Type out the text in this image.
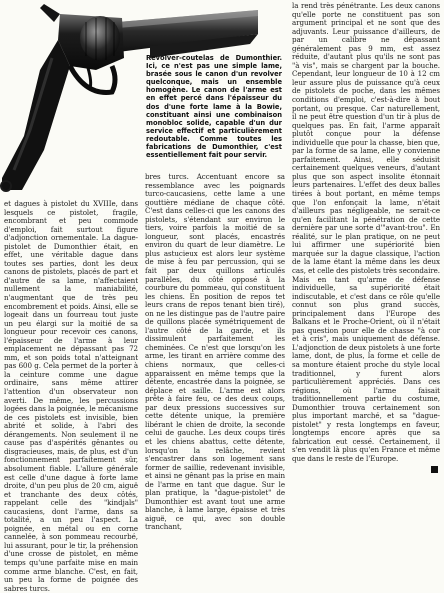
Revolver-coutelas de Dumonthier. Ici, ce n'est pas une simple lame, brasée sous le canon d'un revolver quelconque, mais un ensemble homogène. Le canon de l'arme est en effet percé dans l'épaisseur du dos d'une forte lame à la Bowie, constituant ainsi une combinaison monobloc solide, capable d'un dur service effectif et particulièrement redoutable. Comme toutes les fabrications de Dumonthier, c'est essentiellement fait pour servir.

et dagues à pistolet du XVIIIe, dans lesquels ce pistolet, fragile, encombrant et peu commode d'emploi, fait surtout figure d'adjonction ornementale. La dague-pistolet de Dumonthier était, en effet, une véritable dague dans toutes ses parties, dont les deux canons de pistolets, placés de part et d'autre de sa lame, n'affectaient nullement la maniabilité, n'augmentant que de très peu encombrement et poids. Ainsi, elle se logeait dans un fourreau tout juste un peu élargi sur la moitié de sa longueur pour recevoir ces canons, l'épaisseur de l'arme à leur emplacement ne dépassant pas 72 mm, et son poids total n'atteignant pas 600 g. Cela permet de la porter à la ceinture comme une dague ordinaire, sans même attirer l'attention d'un observateur non averti. De même, les percussions logées dans la poignée, le mécanisme de ces pistolets est invisible, bien abrité et solide, à l'abri des dérangements. Non seulement il ne cause pas d'aspérités gênantes ou disgracieuses, mais, de plus, est d'un fonctionnement parfaitement sûr, absolument fiable. L'allure générale est celle d'une dague à forte lame droite, d'un peu plus de 20 cm, aiguë et tranchante des deux côtés, rappelant celle des "kindjals" caucasiens, dont l'arme, dans sa totalité, a un peu l'aspect. La poignée, en métal ou en corne cannelée, à son pommeau recourbé, lui assurant, pour le tir, la préhension d'une crosse de pistolet, en même temps qu'une parfaite mise en main comme arme blanche. C'est, en fait, un peu la forme de poignée des sabres turcs.

bres turcs. Accentuant encore sa ressemblance avec les poignards turco-caucasiens, cette lame a une gouttière médiane de chaque côté. C'est dans celles-ci que les canons des pistolets, s'étendant sur environ le tiers, voire parfois la moitié de sa longueur, sont placés, encastrés environ du quart de leur diamètre. Le plus astucieux est alors leur système de mise à feu par percussion, qui se fait par deux quillons articulés parallèles, du côté opposé à la courbure du pommeau, qui constituent les chiens. En position de repos tet leurs crans de repos tenant bien tiré), on ne les distingue pas de l'autre paire de quillons placée symétriquement de l'autre côté de la garde, et ils dissimulent parfaitement les cheminées. Ce n'est que lorsqu'on les arme, les tirant en arrière comme des chiens normaux, que celles-ci apparaissent en même temps que la détente, encastrée dans la poignée, se déplace et saille. L'arme est alors prête à faire feu, ce des deux coups, par deux pressions successives sur cette détente unique, la première libérant le chien de droite, la seconde celui de gauche. Les deux coups tirés et les chiens abattus, cette détente, lorsqu'on la relâche, revient s'encastrer dans son logement sans former de saillie, redevenant invisible, et ainsi ne gênant pas la prise en main de l'arme en tant que dague. Sur le plan pratique, la "dague-pistolet" de Dumonthier est avant tout une arme blanche, à lame large, épaisse et très aiguë, ce qui, avec son double tranchant,

la rend très pénétrante. Les deux canons qu'elle porte ne constituent pas son argument principal et ne sont que des adjuvants. Leur puissance d'ailleurs, de par un calibre ne dépassant généralement pas 9 mm, est assez réduite, d'autant plus qu'ils ne sont pas "à vis", mais se chargent par la bouche. Cependant, leur longueur de 10 à 12 cm leur assure plus de puissance qu'à ceux de pistolets de poche, dans les mêmes conditions d'emploi, c'est-à-dire à bout portant, ou presque. Car naturellement, il ne peut être question d'un tir à plus de quelques pas. En fait, l'arme apparaît plutôt conçue pour la défense individuelle que pour la chasse, bien que, par la forme de sa lame, elle y convienne parfaitement. Ainsi, elle séduisit certainement quelques veneurs, d'autant plus que son aspect insolite étonnait leurs partenaires. L'effet des deux balles tirées à bout portant, en même temps que l'on enfonçait la lame, n'était d'ailleurs pas négligeable, ne serait-ce qu'en facilitant la pénétration de cette dernière par une sorte d'"avant-trou". En réalité, sur le plan pratique, on ne peut lui affirmer une supériorité bien marquée sur la dague classique, l'action de la lame étant la même dans les deux cas, et celle des pistolets très secondaire. Mais en tant qu'arme de défense individuelle, sa supériorité était indiscutable, et c'est dans ce rôle qu'elle connut son plus grand succès, principalement dans l'Europe des Balkans et le Proche-Orient, où il n'était pas question pour elle de chasse "à cor et à cris", mais uniquement de défense. L'adjonction de deux pistolets à une forte lame, dont, de plus, la forme et celle de sa monture étaient proche du style local traditionnel, y furent alors particulièrement appréciés. Dans ces régions, où l'arme faisait traditionnellement partie du costume, Dumonthier trouva certainement son plus important marché, et sa "dague-pistolet" y resta longtemps en faveur, longtemps encore après que sa fabrication eut cessé. Certainement, il s'en vendit là plus qu'en France et même que dans le reste de l'Europe.
